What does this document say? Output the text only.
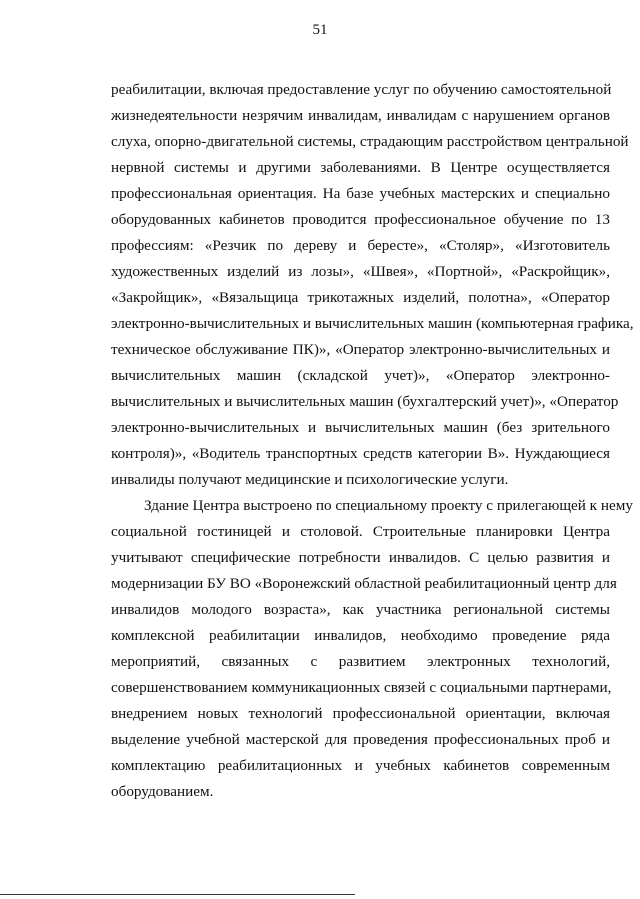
51
реабилитации, включая предоставление услуг по обучению самостоятельной
жизнедеятельности незрячим инвалидам, инвалидам с нарушением органов
слуха, опорно-двигательной системы, страдающим расстройством центральной
нервной системы и другими заболеваниями. В Центре осуществляется
профессиональная ориентация. На базе учебных мастерских и специально
оборудованных кабинетов проводится профессиональное обучение по 13
профессиям: «Резчик по дереву и бересте», «Столяр», «Изготовитель
художественных изделий из лозы», «Швея», «Портной», «Раскройщик»,
«Закройщик», «Вязальщица трикотажных изделий, полотна», «Оператор
электронно-вычислительных и вычислительных машин (компьютерная графика,
техническое обслуживание ПК)», «Оператор электронно-вычислительных и
вычислительных машин (складской учет)», «Оператор электронно-
вычислительных и вычислительных машин (бухгалтерский учет)», «Оператор
электронно-вычислительных и вычислительных машин (без зрительного
контроля)», «Водитель транспортных средств категории В». Нуждающиеся
инвалиды получают медицинские и психологические услуги.
Здание Центра выстроено по специальному проекту с прилегающей к нему
социальной гостиницей и столовой. Строительные планировки Центра
учитывают специфические потребности инвалидов. С целью развития и
модернизации БУ ВО «Воронежский областной реабилитационный центр для
инвалидов молодого возраста», как участника региональной системы
комплексной реабилитации инвалидов, необходимо проведение ряда
мероприятий, связанных с развитием электронных технологий,
совершенствованием коммуникационных связей с социальными партнерами,
внедрением новых технологий профессиональной ориентации, включая
выделение учебной мастерской для проведения профессиональных проб и
комплектацию реабилитационных и учебных кабинетов современным
оборудованием.
